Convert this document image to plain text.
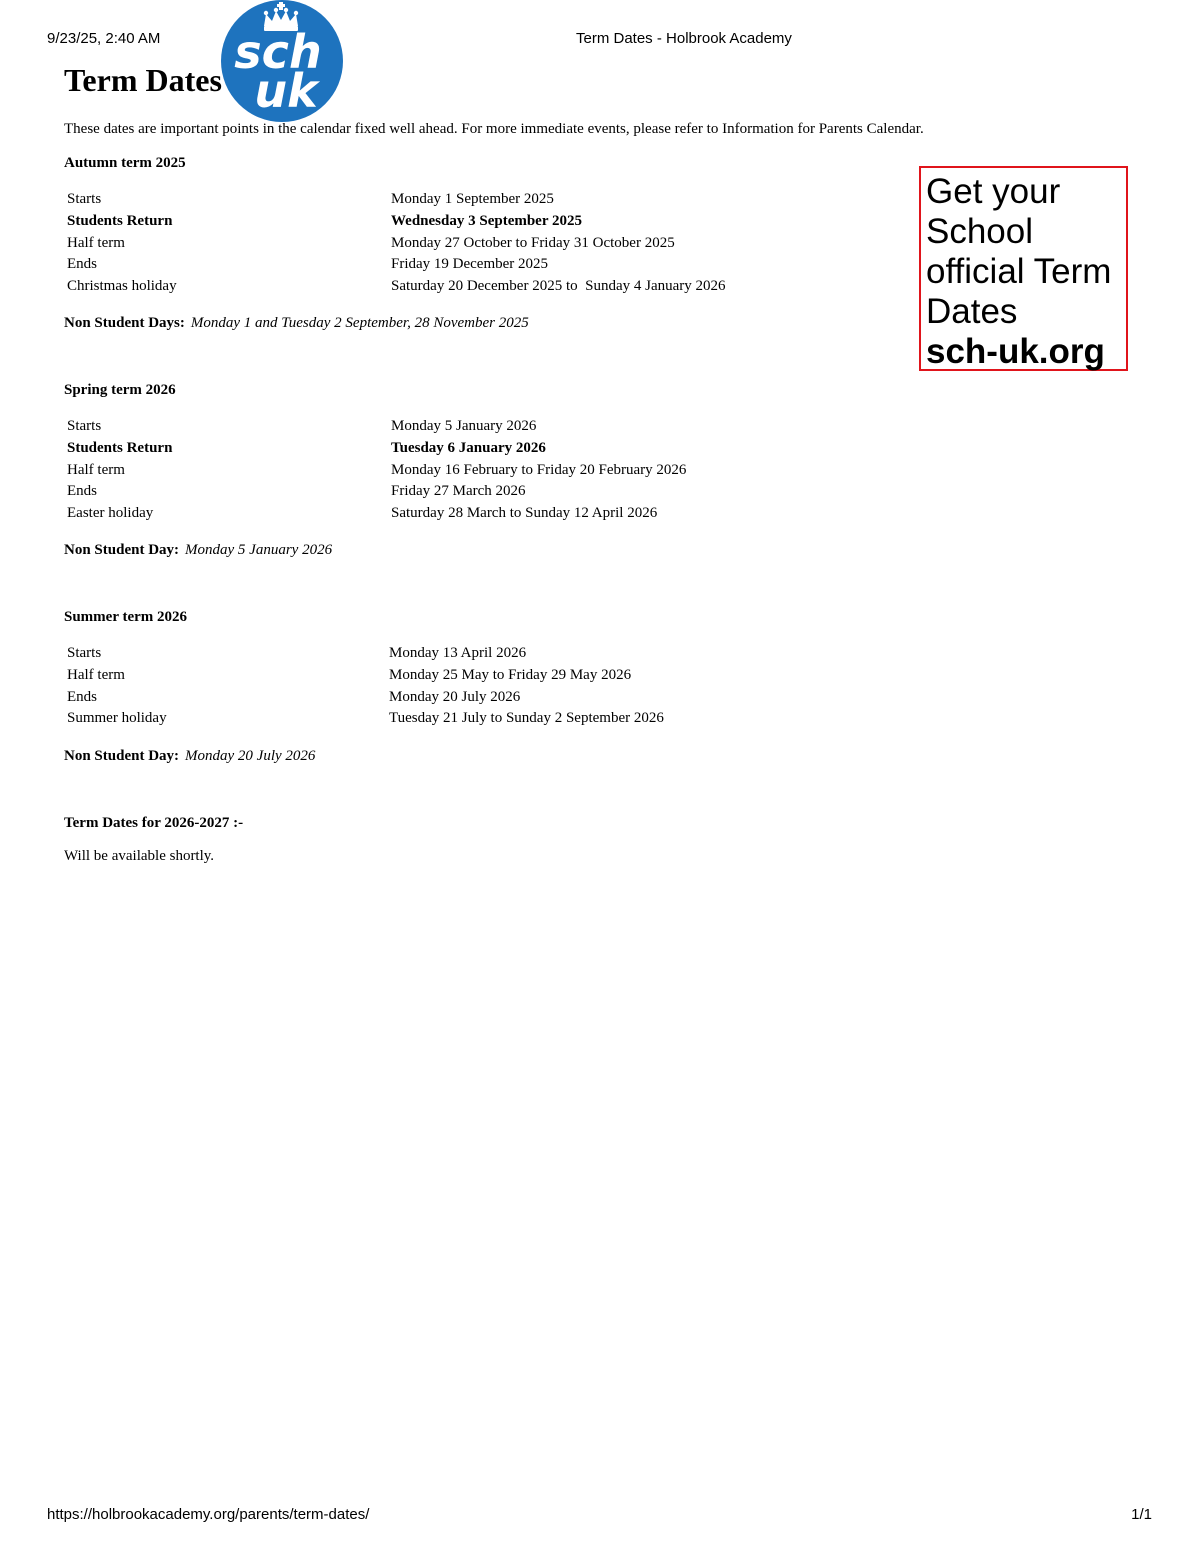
9/23/25, 2:40 AM	Term Dates - Holbrook Academy
sch
uk
Term Dates

These dates are important points in the calendar fixed well ahead. For more immediate events, please refer to Information for Parents Calendar.

Autumn term 2025

Starts	Monday 1 September 2025
Students Return	Wednesday 3 September 2025
Half term	Monday 27 October to Friday 31 October 2025
Ends	Friday 19 December 2025
Christmas holiday	Saturday 20 December 2025 to  Sunday 4 January 2026

Non Student Days: Monday 1 and Tuesday 2 September, 28 November 2025

Spring term 2026

Starts	Monday 5 January 2026
Students Return	Tuesday 6 January 2026
Half term	Monday 16 February to Friday 20 February 2026
Ends	Friday 27 March 2026
Easter holiday	Saturday 28 March to Sunday 12 April 2026

Non Student Day: Monday 5 January 2026

Summer term 2026

Starts	Monday 13 April 2026
Half term	Monday 25 May to Friday 29 May 2026
Ends	Monday 20 July 2026
Summer holiday	Tuesday 21 July to Sunday 2 September 2026

Non Student Day: Monday 20 July 2026

Term Dates for 2026-2027 :-

Will be available shortly.

Get your
School
official Term
Dates
sch-uk.org
https://holbrookacademy.org/parents/term-dates/	1/1
